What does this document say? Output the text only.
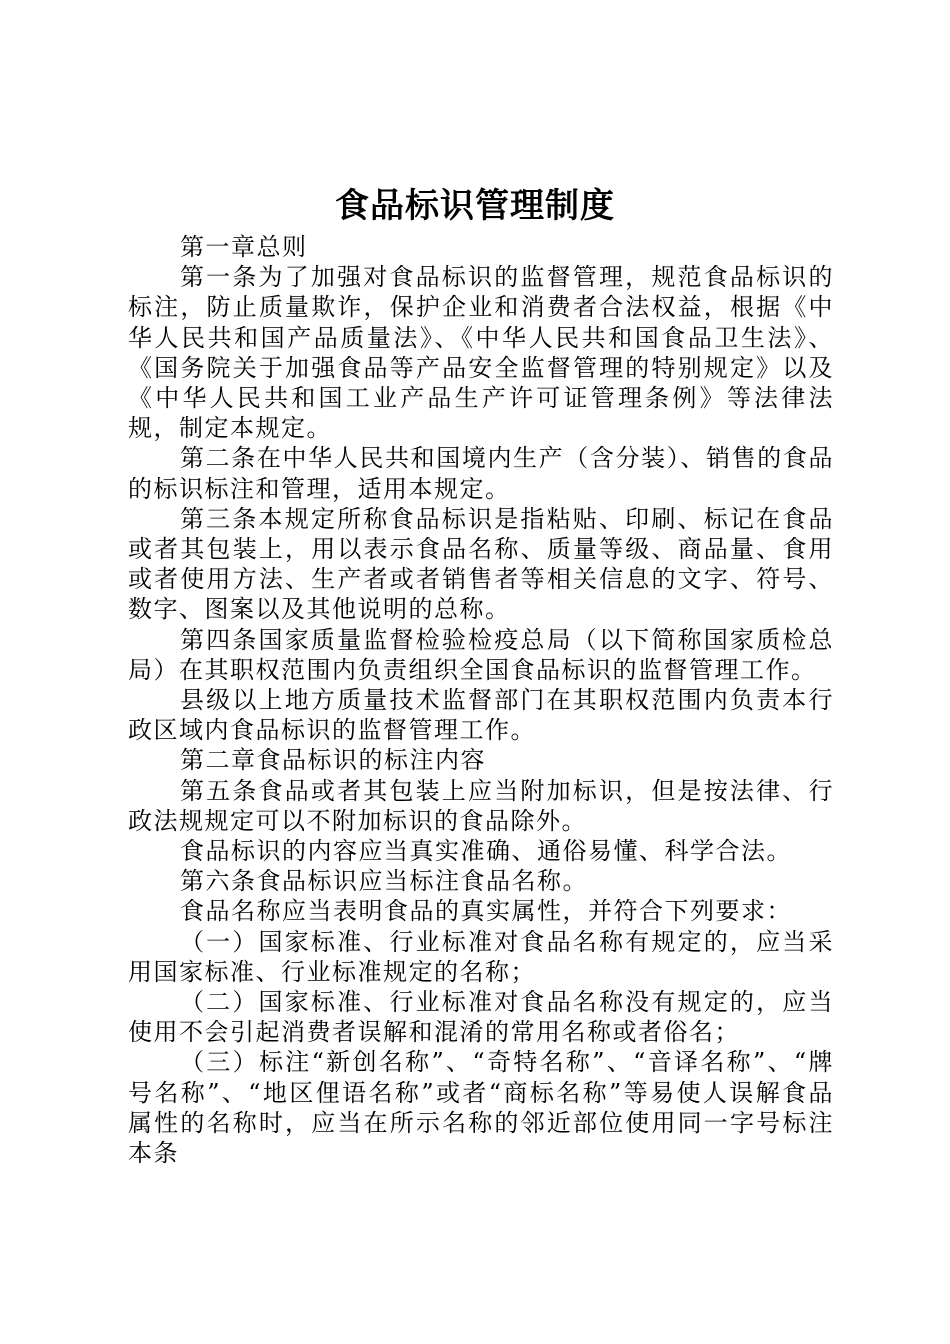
食品标识管理制度

第一章总则

第一条为了加强对食品标识的监督管理，规范食品标识的标注，防止质量欺诈，保护企业和消费者合法权益，根据《中华人民共和国产品质量法》、《中华人民共和国食品卫生法》、《国务院关于加强食品等产品安全监督管理的特别规定》以及《中华人民共和国工业产品生产许可证管理条例》等法律法规，制定本规定。

第二条在中华人民共和国境内生产（含分装）、销售的食品的标识标注和管理，适用本规定。

第三条本规定所称食品标识是指粘贴、印刷、标记在食品或者其包装上，用以表示食品名称、质量等级、商品量、食用或者使用方法、生产者或者销售者等相关信息的文字、符号、数字、图案以及其他说明的总称。

第四条国家质量监督检验检疫总局（以下简称国家质检总局）在其职权范围内负责组织全国食品标识的监督管理工作。

县级以上地方质量技术监督部门在其职权范围内负责本行政区域内食品标识的监督管理工作。

第二章食品标识的标注内容

第五条食品或者其包装上应当附加标识，但是按法律、行政法规规定可以不附加标识的食品除外。

食品标识的内容应当真实准确、通俗易懂、科学合法。

第六条食品标识应当标注食品名称。

食品名称应当表明食品的真实属性，并符合下列要求：

（一）国家标准、行业标准对食品名称有规定的，应当采用国家标准、行业标准规定的名称；

（二）国家标准、行业标准对食品名称没有规定的，应当使用不会引起消费者误解和混淆的常用名称或者俗名；

（三）标注“新创名称”、“奇特名称”、“音译名称”、“牌号名称”、“地区俚语名称”或者“商标名称”等易使人误解食品属性的名称时，应当在所示名称的邻近部位使用同一字号标注本条
